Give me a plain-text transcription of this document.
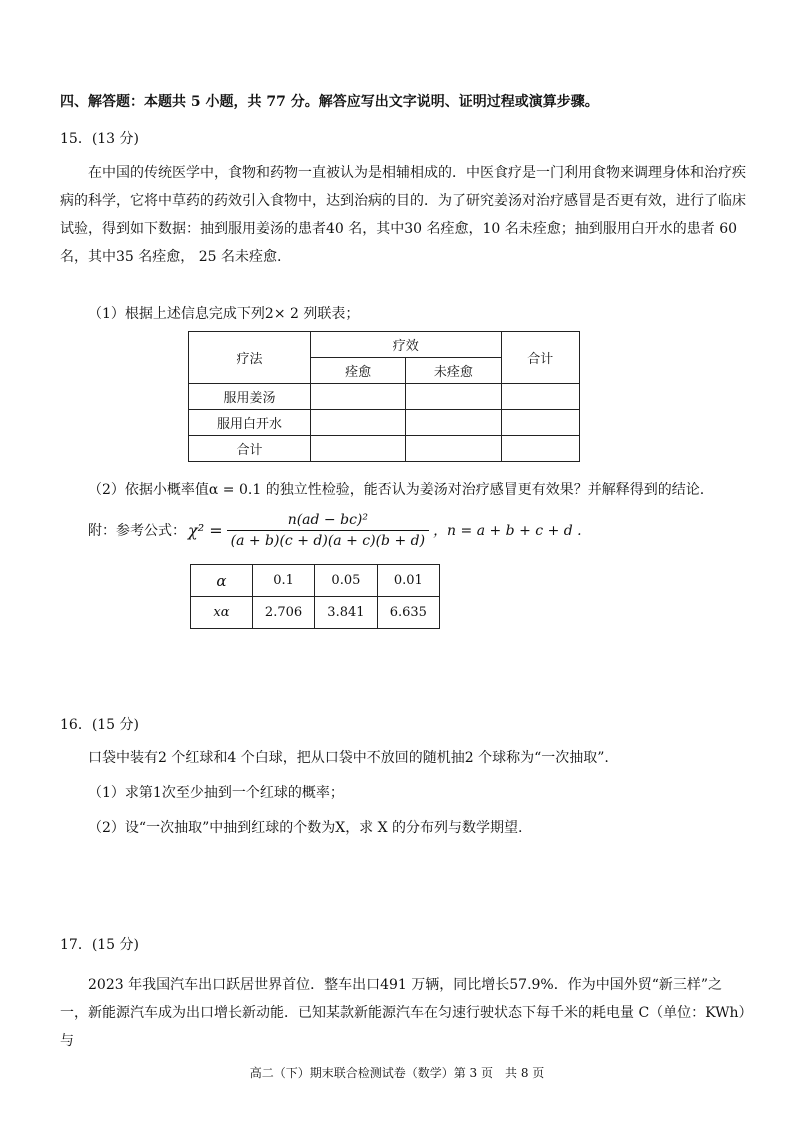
四、解答题：本题共 5 小题，共 77 分。解答应写出文字说明、证明过程或演算步骤。
15．(13 分)
在中国的传统医学中，食物和药物一直被认为是相辅相成的．中医食疗是一门利用食物来调理身体和治疗疾病的科学，它将中草药的药效引入食物中，达到治病的目的．为了研究姜汤对治疗感冒是否更有效，进行了临床试验，得到如下数据：抽到服用姜汤的患者40 名，其中30 名痊愈，10 名未痊愈；抽到服用白开水的患者 60 名，其中35 名痊愈， 25 名未痊愈.
（1）根据上述信息完成下列2× 2 列联表；
疗法	疗效		合计
	痊愈	未痊愈	
服用姜汤			
服用白开水			
合计			
（2）依据小概率值α = 0.1 的独立性检验，能否认为姜汤对治疗感冒更有效果？并解释得到的结论.
附：参考公式： $\chi^2 = \frac{\text{n(ad − bc)²}}{(a + b)(c + d)(a + c)(b + d)}$ ，n = a + b + c + d .
α	0.1	0.05	0.01
xα	2.706	3.841	6.635
16．(15 分)
口袋中装有2 个红球和4 个白球，把从口袋中不放回的随机抽2 个球称为“一次抽取”.
（1）求第1次至少抽到一个红球的概率；
（2）设“一次抽取”中抽到红球的个数为X，求 X 的分布列与数学期望.
17．(15 分)
2023 年我国汽车出口跃居世界首位．整车出口491 万辆，同比增长57.9%．作为中国外贸“新三样”之一，新能源汽车成为出口增长新动能．已知某款新能源汽车在匀速行驶状态下每千米的耗电量 C（单位：KWh）与
高二（下）期末联合检测试卷（数学）第 3 页　共 8 页
